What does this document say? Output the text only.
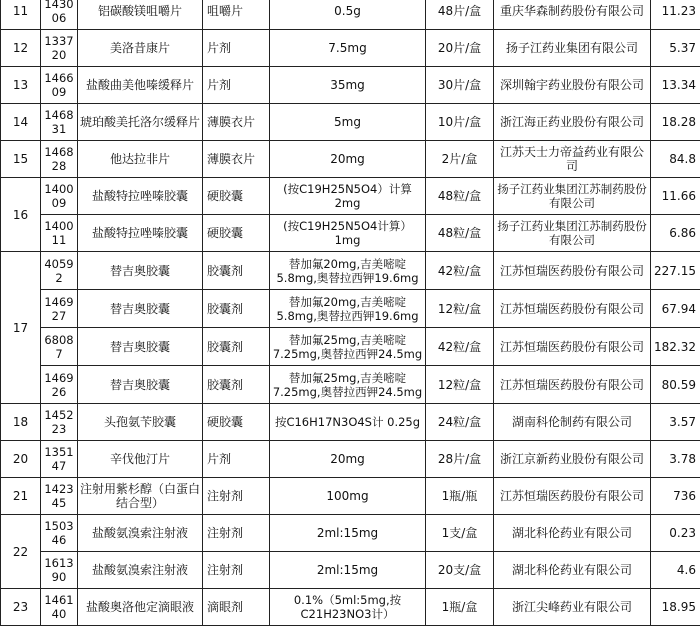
11	143006	铝碳酸镁咀嚼片	咀嚼片	0.5g	48片/盒	重庆华森制药股份有限公司	11.23
12	133720	美洛昔康片	片剂	7.5mg	20片/盒	扬子江药业集团有限公司	5.37
13	146609	盐酸曲美他嗪缓释片	片剂	35mg	30片/盒	深圳翰宇药业股份有限公司	13.34
14	146831	琥珀酸美托洛尔缓释片	薄膜衣片	5mg	10片/盒	浙江海正药业股份有限公司	18.28
15	146828	他达拉非片	薄膜衣片	20mg	2片/盒	江苏天士力帝益药业有限公司	84.8
16	140009	盐酸特拉唑嗪胶囊	硬胶囊	(按C19H25N5O4）计算2mg	48粒/盒	扬子江药业集团江苏制药股份有限公司	11.66
	140011	盐酸特拉唑嗪胶囊	硬胶囊	(按C19H25N5O4计算）1mg	48粒/盒	扬子江药业集团江苏制药股份有限公司	6.86
17	40592	替吉奥胶囊	胶囊剂	替加氟20mg,吉美嘧啶5.8mg,奥替拉西钾19.6mg	42粒/盒	江苏恒瑞医药股份有限公司	227.15
	146927	替吉奥胶囊	胶囊剂	替加氟20mg,吉美嘧啶5.8mg,奥替拉西钾19.6mg	12粒/盒	江苏恒瑞医药股份有限公司	67.94
	68087	替吉奥胶囊	胶囊剂	替加氟25mg,吉美嘧啶7.25mg,奥替拉西钾24.5mg	42粒/盒	江苏恒瑞医药股份有限公司	182.32
	146926	替吉奥胶囊	胶囊剂	替加氟25mg,吉美嘧啶7.25mg,奥替拉西钾24.5mg	12粒/盒	江苏恒瑞医药股份有限公司	80.59
18	145223	头孢氨苄胶囊	硬胶囊	按C16H17N3O4S计 0.25g	24粒/盒	湖南科伦制药有限公司	3.57
20	135147	辛伐他汀片	片剂	20mg	28片/盒	浙江京新药业股份有限公司	3.78
21	142345	注射用紫杉醇（白蛋白结合型）	注射剂	100mg	1瓶/瓶	江苏恒瑞医药股份有限公司	736
22	150346	盐酸氨溴索注射液	注射剂	2ml:15mg	1支/盒	湖北科伦药业有限公司	0.23
	161390	盐酸氨溴索注射液	注射剂	2ml:15mg	20支/盒	湖北科伦药业有限公司	4.6
23	146140	盐酸奥洛他定滴眼液	滴眼剂	0.1%（5ml:5mg,按C21H23NO3计）	1瓶/盒	浙江尖峰药业有限公司	18.95
